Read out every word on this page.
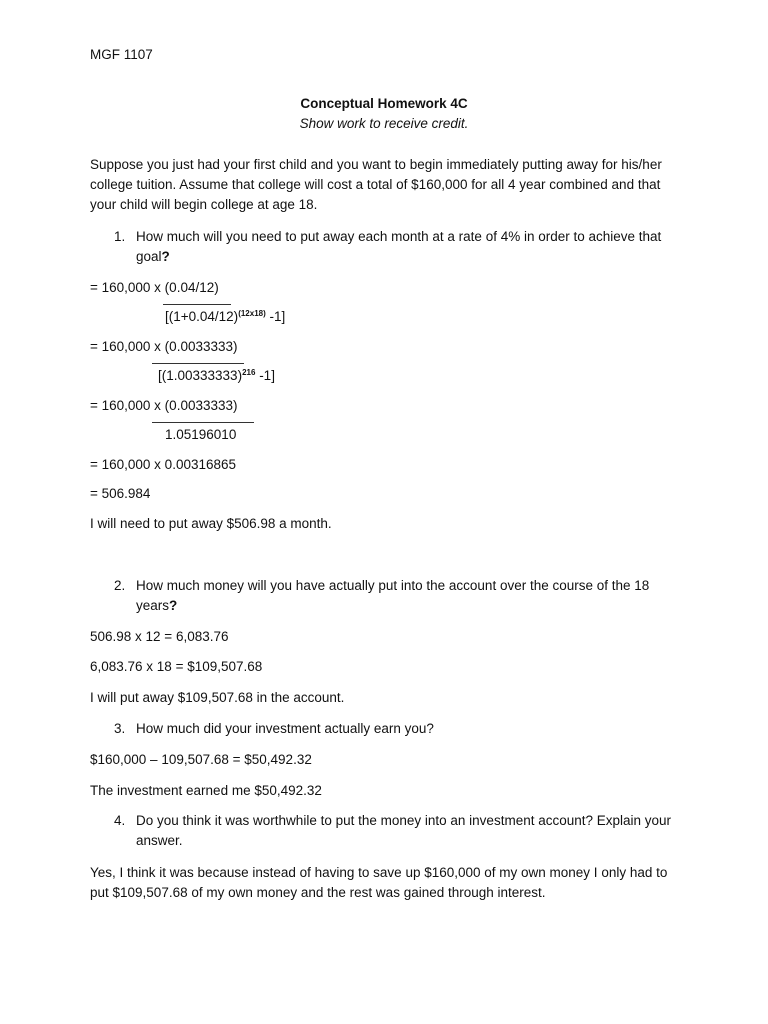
MGF 1107
Conceptual Homework 4C
Show work to receive credit.
Suppose you just had your first child and you want to begin immediately putting away for his/her college tuition. Assume that college will cost a total of $160,000 for all 4 year combined and that your child will begin college at age 18.
1. How much will you need to put away each month at a rate of 4% in order to achieve that goal?
= 160,000 x (0.04/12)
[$(1+0.04/12)^{(12x18)}$ -1]
= 160,000 x (0.0033333)
[$(1.00333333)^{216}$ -1]
= 160,000 x (0.0033333)
1.05196010
= 160,000 x 0.00316865
= 506.984
I will need to put away $506.98 a month.
2. How much money will you have actually put into the account over the course of the 18 years?
506.98 x 12 = 6,083.76
6,083.76 x 18 = $109,507.68
I will put away $109,507.68 in the account.
3. How much did your investment actually earn you?
$160,000 – 109,507.68 = $50,492.32
The investment earned me $50,492.32
4. Do you think it was worthwhile to put the money into an investment account? Explain your answer.
Yes, I think it was because instead of having to save up $160,000 of my own money I only had to put $109,507.68 of my own money and the rest was gained through interest.
